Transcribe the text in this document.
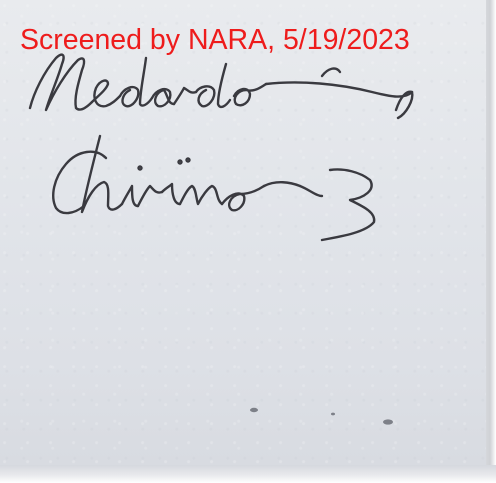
Screened by NARA, 5/19/2023
